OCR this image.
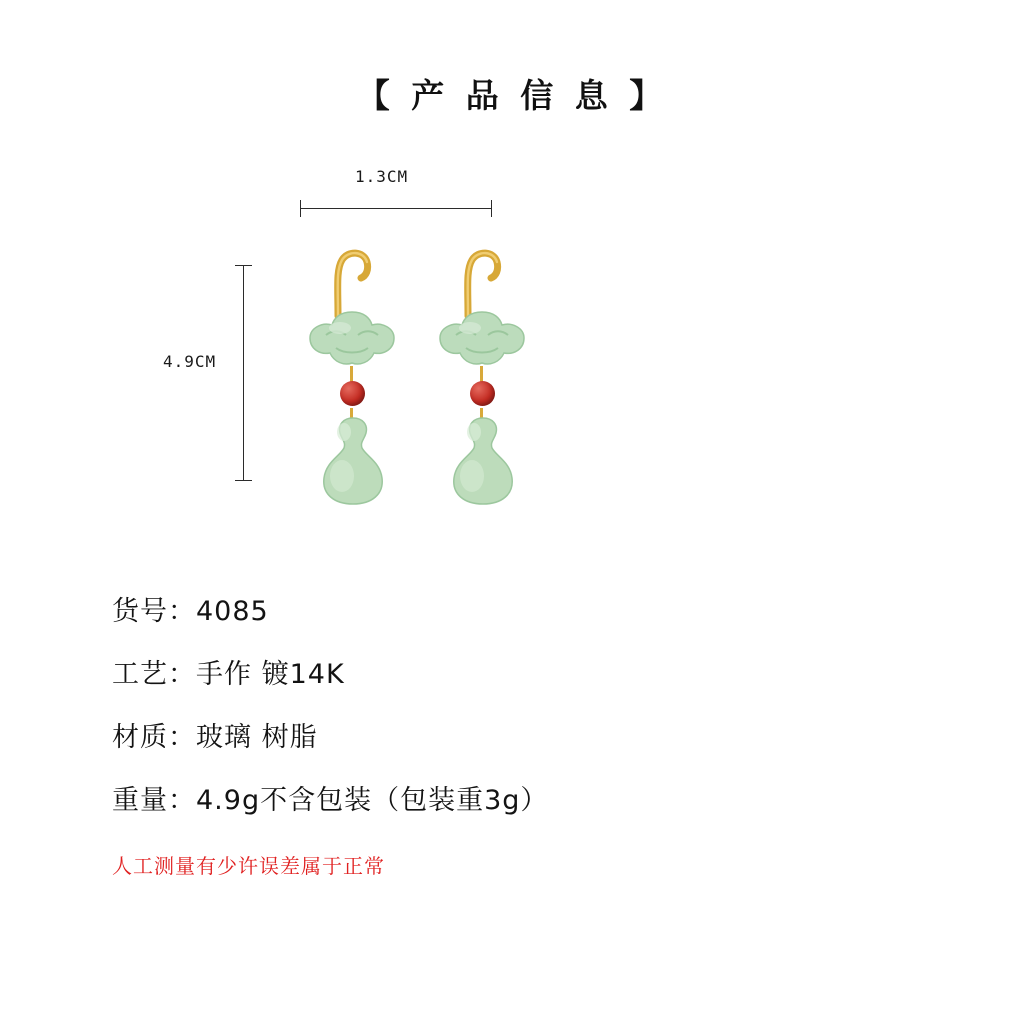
【 产 品 信 息 】
1.3CM
4.9CM
货号：4085
工艺：手作 镀14K
材质：玻璃 树脂
重量：4.9g不含包装（包装重3g）
人工测量有少许误差属于正常
